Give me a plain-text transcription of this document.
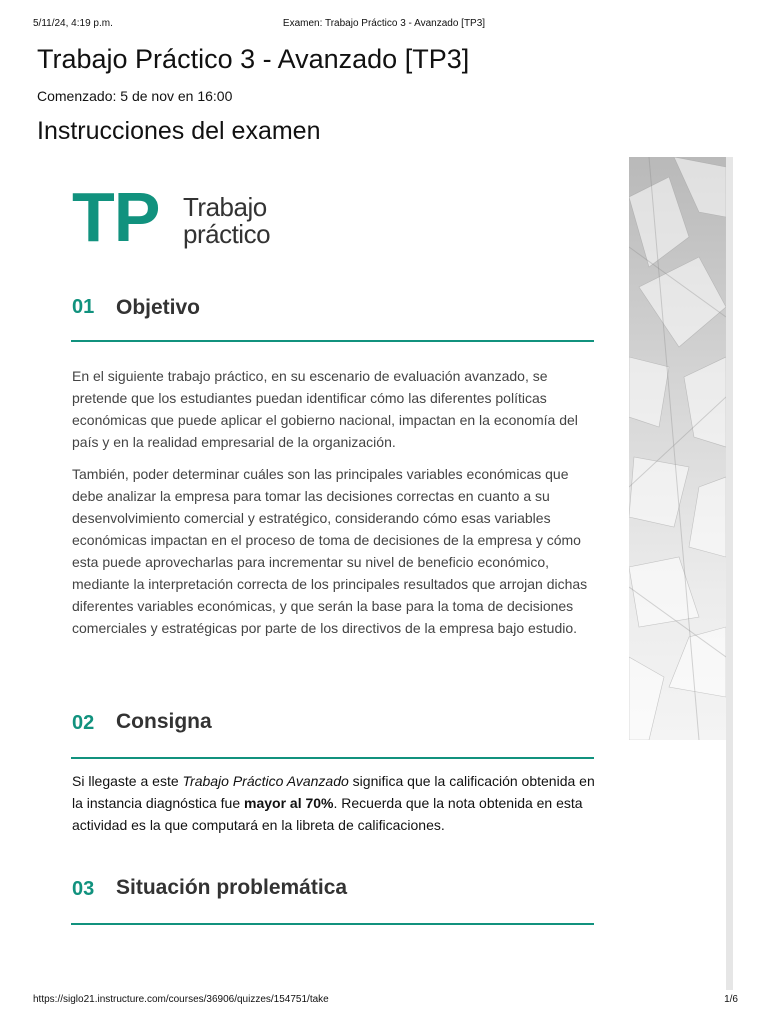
5/11/24, 4:19 p.m.	Examen: Trabajo Práctico 3 - Avanzado [TP3]
Trabajo Práctico 3 - Avanzado [TP3]
Comenzado: 5 de nov en 16:00
Instrucciones del examen
TP Trabajo
práctico
01 Objetivo

En el siguiente trabajo práctico, en su escenario de evaluación avanzado, se pretende que los estudiantes puedan identificar cómo las diferentes políticas económicas que puede aplicar el gobierno nacional, impactan en la economía del país y en la realidad empresarial de la organización.

También, poder determinar cuáles son las principales variables económicas que debe analizar la empresa para tomar las decisiones correctas en cuanto a su desenvolvimiento comercial y estratégico, considerando cómo esas variables económicas impactan en el proceso de toma de decisiones de la empresa y cómo esta puede aprovecharlas para incrementar su nivel de beneficio económico, mediante la interpretación correcta de los principales resultados que arrojan dichas diferentes variables económicas, y que serán la base para la toma de decisiones comerciales y estratégicas por parte de los directivos de la empresa bajo estudio.

02 Consigna

Si llegaste a este Trabajo Práctico Avanzado significa que la calificación obtenida en la instancia diagnóstica fue mayor al 70%. Recuerda que la nota obtenida en esta actividad es la que computará en la libreta de calificaciones.

03 Situación problemática
https://siglo21.instructure.com/courses/36906/quizzes/154751/take	1/6
